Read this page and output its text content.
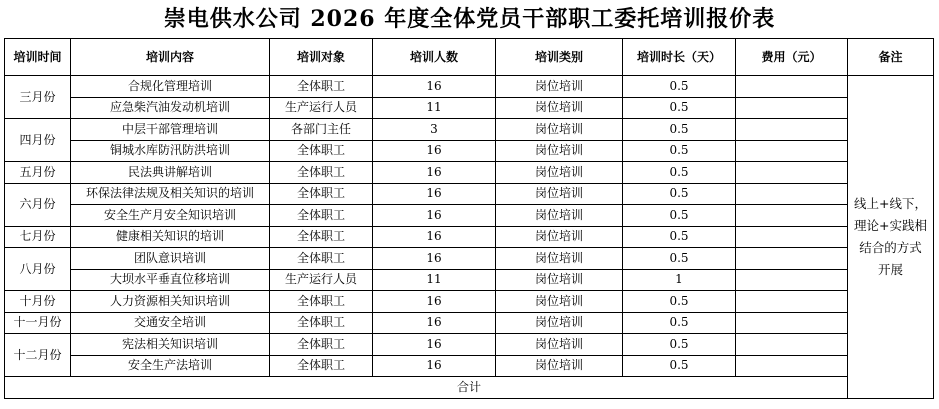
崇电供水公司 2026 年度全体党员干部职工委托培训报价表
培训时间	培训内容	培训对象	培训人数	培训类别	培训时长（天）	费用（元）	备注
三月份	合规化管理培训	全体职工	16	岗位培训	0.5		线上+线下，理论+实践相结合的方式开展
	应急柴汽油发动机培训	生产运行人员	11	岗位培训	0.5		
四月份	中层干部管理培训	各部门主任	3	岗位培训	0.5		
	铜城水库防汛防洪培训	全体职工	16	岗位培训	0.5		
五月份	民法典讲解培训	全体职工	16	岗位培训	0.5		
六月份	环保法律法规及相关知识的培训	全体职工	16	岗位培训	0.5		
	安全生产月安全知识培训	全体职工	16	岗位培训	0.5		
七月份	健康相关知识的培训	全体职工	16	岗位培训	0.5		
八月份	团队意识培训	全体职工	16	岗位培训	0.5		
	大坝水平垂直位移培训	生产运行人员	11	岗位培训	1		
十月份	人力资源相关知识培训	全体职工	16	岗位培训	0.5		
十一月份	交通安全培训	全体职工	16	岗位培训	0.5		
十二月份	宪法相关知识培训	全体职工	16	岗位培训	0.5		
	安全生产法培训	全体职工	16	岗位培训	0.5		
合计							
